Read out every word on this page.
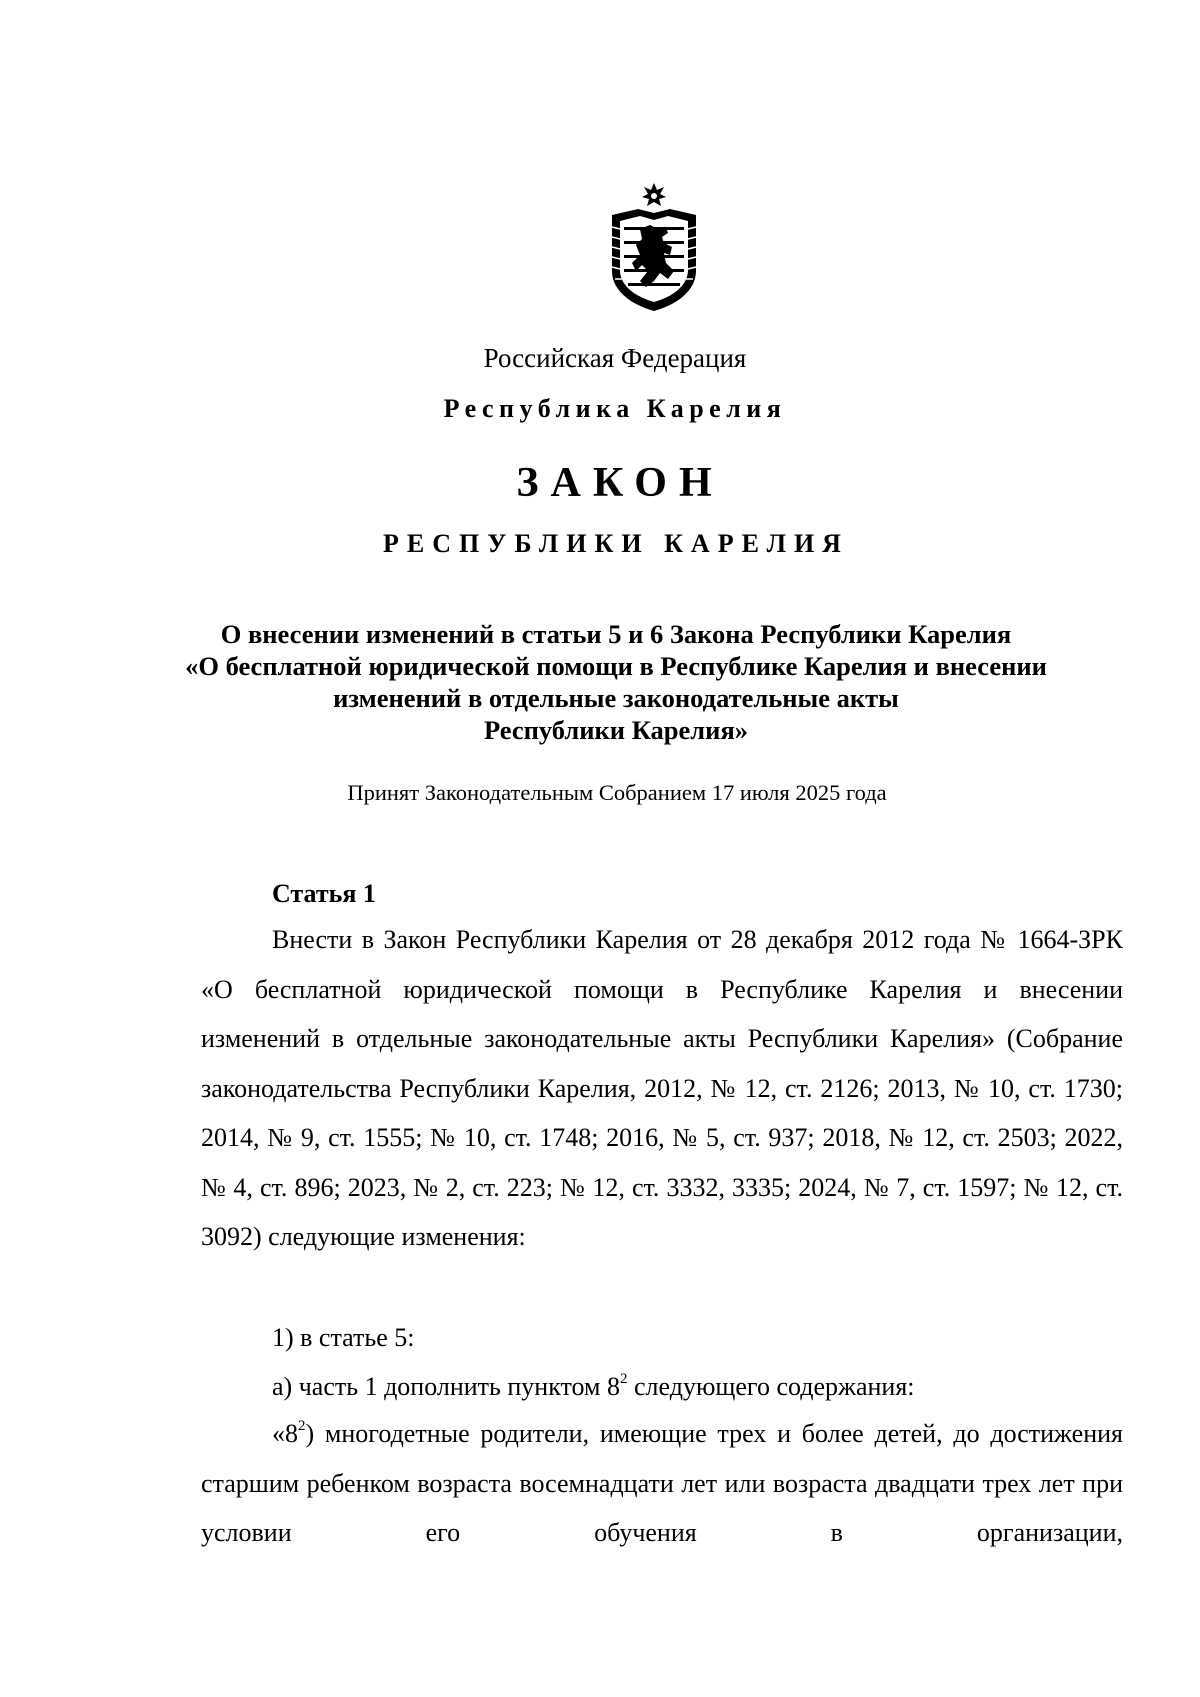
Российская Федерация

Республика Карелия

ЗАКОН

РЕСПУБЛИКИ КАРЕЛИЯ

О внесении изменений в статьи 5 и 6 Закона Республики Карелия
«О бесплатной юридической помощи в Республике Карелия и внесении
изменений в отдельные законодательные акты
Республики Карелия»

Принят Законодательным Собранием 17 июля 2025 года

Статья 1

Внести в Закон Республики Карелия от 28 декабря 2012 года № 1664-ЗРК «О бесплатной юридической помощи в Республике Карелия и внесении изменений в отдельные законодательные акты Республики Карелия» (Собрание законодательства Республики Карелия, 2012, № 12, ст. 2126; 2013, № 10, ст. 1730; 2014, № 9, ст. 1555; № 10, ст. 1748; 2016, № 5, ст. 937; 2018, № 12, ст. 2503; 2022, № 4, ст. 896; 2023, № 2, ст. 223; № 12, ст. 3332, 3335; 2024, № 7, ст. 1597; № 12, ст. 3092) следующие изменения:

1) в статье 5:

а) часть 1 дополнить пунктом $8^2$ следующего содержания:

«$8^2$) многодетные родители, имеющие трех и более детей, до достижения старшим ребенком возраста восемнадцати лет или возраста двадцати трех лет при условии его обучения в организации,
